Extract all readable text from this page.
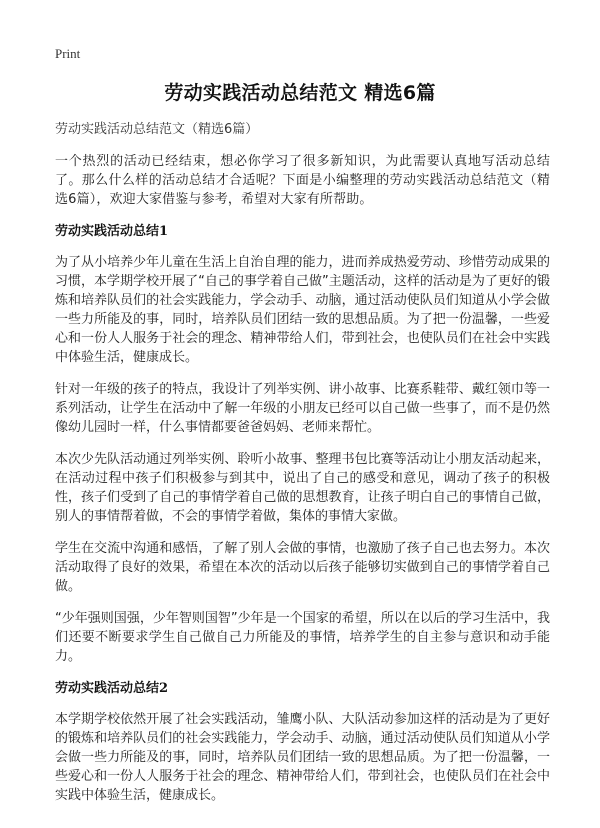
Print
劳动实践活动总结范文 精选6篇

劳动实践活动总结范文（精选6篇）

一个热烈的活动已经结束，想必你学习了很多新知识，为此需要认真地写活动总结了。那么什么样的活动总结才合适呢？下面是小编整理的劳动实践活动总结范文（精选6篇），欢迎大家借鉴与参考，希望对大家有所帮助。

劳动实践活动总结1

为了从小培养少年儿童在生活上自治自理的能力，进而养成热爱劳动、珍惜劳动成果的习惯，本学期学校开展了“自己的事学着自己做”主题活动，这样的活动是为了更好的锻炼和培养队员们的社会实践能力，学会动手、动脑，通过活动使队员们知道从小学会做一些力所能及的事，同时，培养队员们团结一致的思想品质。为了把一份温馨，一些爱心和一份人人服务于社会的理念、精神带给人们，带到社会，也使队员们在社会中实践中体验生活，健康成长。

针对一年级的孩子的特点，我设计了列举实例、讲小故事、比赛系鞋带、戴红领巾等一系列活动，让学生在活动中了解一年级的小朋友已经可以自己做一些事了，而不是仍然像幼儿园时一样，什么事情都要爸爸妈妈、老师来帮忙。

本次少先队活动通过列举实例、聆听小故事、整理书包比赛等活动让小朋友活动起来，在活动过程中孩子们积极参与到其中，说出了自己的感受和意见，调动了孩子的积极性，孩子们受到了自己的事情学着自己做的思想教育，让孩子明白自己的事情自己做，别人的事情帮着做，不会的事情学着做，集体的事情大家做。

学生在交流中沟通和感悟，了解了别人会做的事情，也激励了孩子自己也去努力。本次活动取得了良好的效果，希望在本次的活动以后孩子能够切实做到自己的事情学着自己做。

“少年强则国强，少年智则国智”少年是一个国家的希望，所以在以后的学习生活中，我们还要不断要求学生自己做自己力所能及的事情，培养学生的自主参与意识和动手能力。

劳动实践活动总结2

本学期学校依然开展了社会实践活动，雏鹰小队、大队活动参加这样的活动是为了更好的锻炼和培养队员们的社会实践能力，学会动手、动脑，通过活动使队员们知道从小学会做一些力所能及的事，同时，培养队员们团结一致的思想品质。为了把一份温馨，一些爱心和一份人人服务于社会的理念、精神带给人们，带到社会，也使队员们在社会中实践中体验生活，健康成长。
